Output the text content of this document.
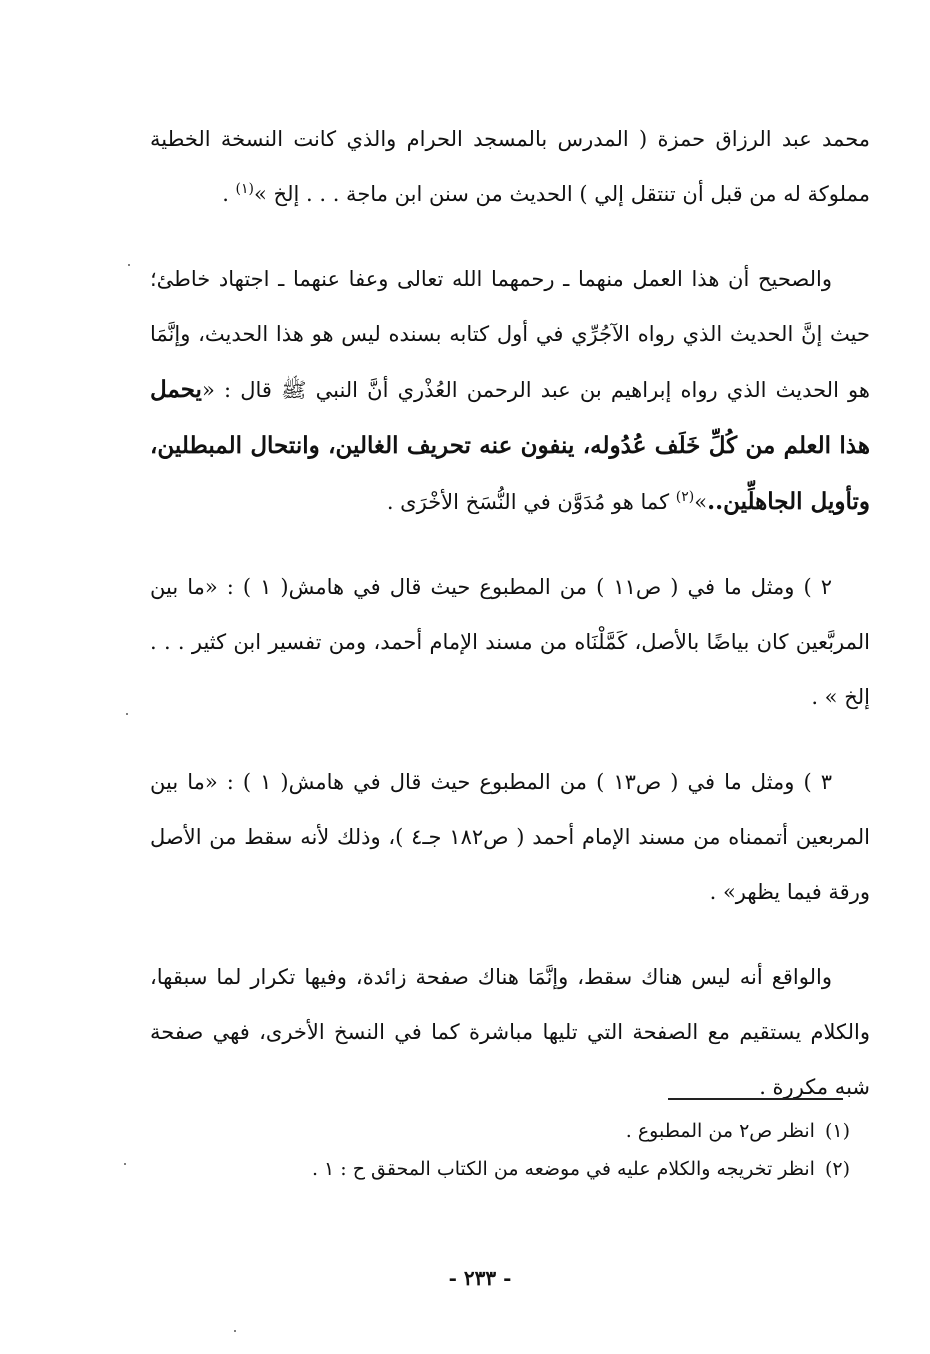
محمد عبد الرزاق حمزة ( المدرس بالمسجد الحرام والذي كانت النسخة الخطية مملوكة له من قبل أن تنتقل إلي ) الحديث من سنن ابن ماجة . . . إلخ »$^{(١)}$ .

والصحيح أن هذا العمل منهما ـ رحمهما الله تعالى وعفا عنهما ـ اجتهاد خاطئ؛ حيث إنَّ الحديث الذي رواه الآجُرِّي في أول كتابه بسنده ليس هو هذا الحديث، وإنَّمَا هو الحديث الذي رواه إبراهيم بن عبد الرحمن العُذْري أنَّ النبي ﷺ قال : «يحمل هذا العلم من كُلِّ خَلَف عُدُوله، ينفون عنه تحريف الغالين، وانتحال المبطلين، وتأويل الجاهلِّين..»$^{(٢)}$ كما هو مُدَوَّن في النُّسَخ الأخْرَى .

٢ ) ومثل ما في ( ص١١ ) من المطبوع حيث قال في هامش( ١ ) : «ما بين المربَّعين كان بياضًا بالأصل، كَمَّلْنَاه من مسند الإمام أحمد، ومن تفسير ابن كثير . . . إلخ » .

٣ ) ومثل ما في ( ص١٣ ) من المطبوع حيث قال في هامش( ١ ) : «ما بين المربعين أتممناه من مسند الإمام أحمد ( ص١٨٢ جـ٤ )، وذلك لأنه سقط من الأصل ورقة فيما يظهر» .

والواقع أنه ليس هناك سقط، وإنَّمَا هناك صفحة زائدة، وفيها تكرار لما سبقها، والكلام يستقيم مع الصفحة التي تليها مباشرة كما في النسخ الأخرى، فهي صفحة شبه مكررة .

(١)انظر ص٢ من المطبوع .

(٢)انظر تخريجه والكلام عليه في موضعه من الكتاب المحقق ح : ١ .

- ٢٣٣ -
